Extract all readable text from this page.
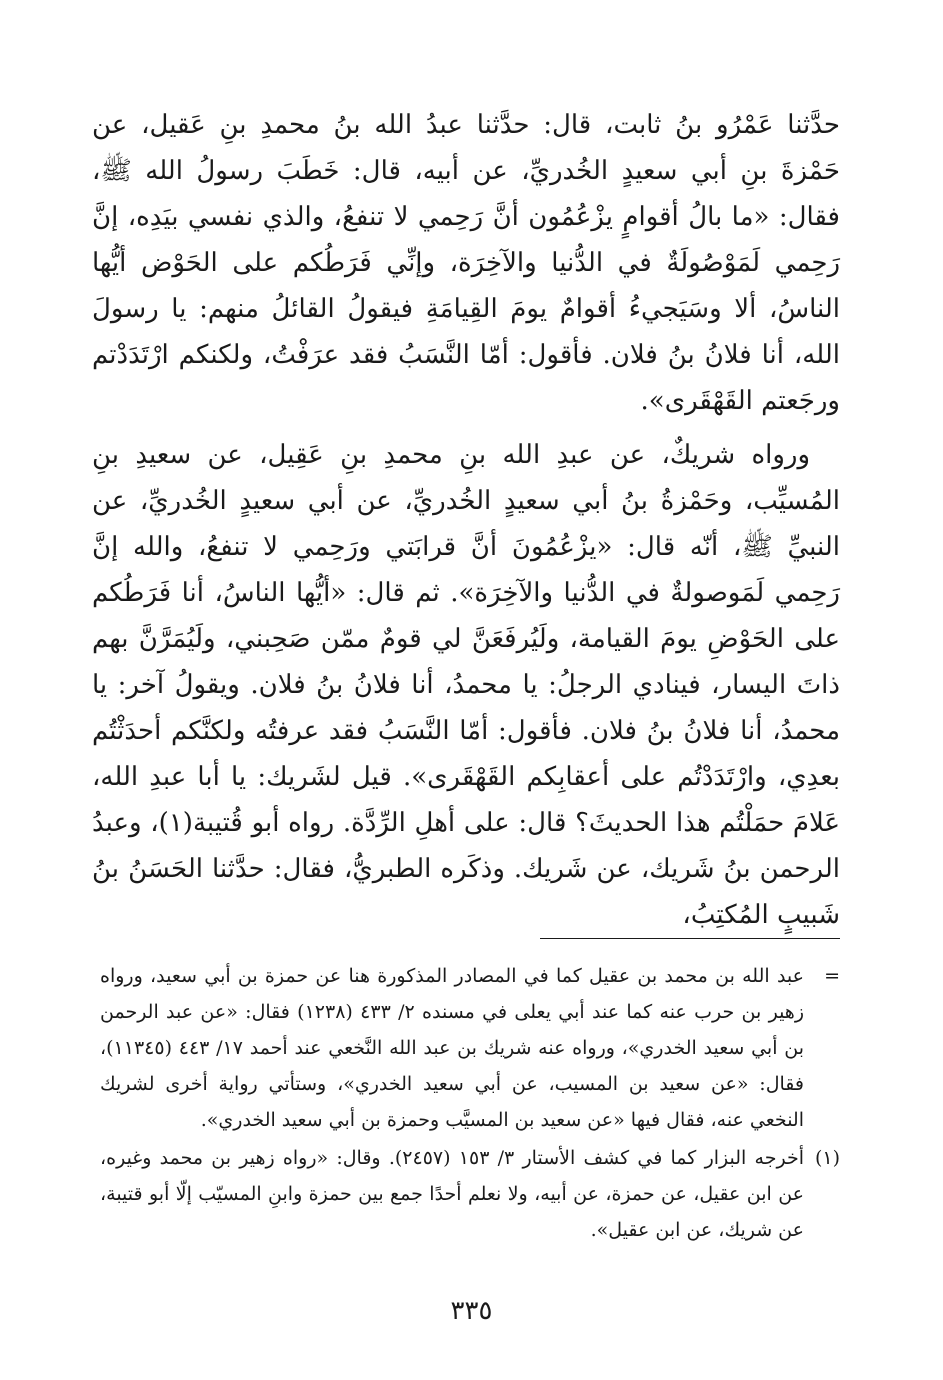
حدَّثنا عَمْرُو بنُ ثابت، قال: حدَّثنا عبدُ الله بنُ محمدِ بنِ عَقيل، عن حَمْزةَ بنِ أبي سعيدٍ الخُدريِّ، عن أبيه، قال: خَطَبَ رسولُ الله ﷺ، فقال: «ما بالُ أقوامٍ يزْعُمُون أنَّ رَحِمي لا تنفعُ، والذي نفسي بيَدِه، إنَّ رَحِمي لَمَوْصُولَةٌ في الدُّنيا والآخِرَة، وإنِّي فَرَطُكم على الحَوْض أيُّها الناسُ، ألا وسَيَجيءُ أقوامٌ يومَ القِيامَةِ فيقولُ القائلُ منهم: يا رسولَ الله، أنا فلانُ بنُ فلان. فأقول: أمّا النَّسَبُ فقد عرَفْتُ، ولكنكم ارْتَدَدْتم ورجَعتم القَهْقَرى».

ورواه شريكٌ، عن عبدِ الله بنِ محمدِ بنِ عَقِيل، عن سعيدِ بنِ المُسيِّب، وحَمْزةُ بنُ أبي سعيدٍ الخُدريِّ، عن أبي سعيدٍ الخُدريِّ، عن النبيِّ ﷺ، أنّه قال: «يزْعُمُونَ أنَّ قرابَتي ورَحِمي لا تنفعُ، والله إنَّ رَحِمي لَمَوصولةٌ في الدُّنيا والآخِرَة». ثم قال: «أيُّها الناسُ، أنا فَرَطُكم على الحَوْضِ يومَ القيامة، ولَيُرفَعَنَّ لي قومٌ ممّن صَحِبني، ولَيُمَرَّنَّ بهم ذاتَ اليسار، فينادي الرجلُ: يا محمدُ، أنا فلانُ بنُ فلان. ويقولُ آخر: يا محمدُ، أنا فلانُ بنُ فلان. فأقول: أمّا النَّسَبُ فقد عرفتُه ولكنَّكم أحدَثْتُم بعدِي، وارْتَدَدْتُم على أعقابِكم القَهْقَرى». قيل لشَريك: يا أبا عبدِ الله، عَلامَ حمَلْتُم هذا الحديثَ؟ قال: على أهلِ الرِّدَّة. رواه أبو قُتيبة(١)، وعبدُ الرحمن بنُ شَريك، عن شَريك. وذكَره الطبريُّ، فقال: حدَّثنا الحَسَنُ بنُ شَبيبٍ المُكتِبُ،

=
عبد الله بن محمد بن عقيل كما في المصادر المذكورة هنا عن حمزة بن أبي سعيد، ورواه زهير بن حرب عنه كما عند أبي يعلى في مسنده ٢/ ٤٣٣ (١٢٣٨) فقال: «عن عبد الرحمن بن أبي سعيد الخدري»، ورواه عنه شريك بن عبد الله النَّخعي عند أحمد ١٧/ ٤٤٣ (١١٣٤٥)، فقال: «عن سعيد بن المسيب، عن أبي سعيد الخدري»، وستأتي رواية أخرى لشريك النخعي عنه، فقال فيها «عن سعيد بن المسيَّب وحمزة بن أبي سعيد الخدري».
(١)
أخرجه البزار كما في كشف الأستار ٣/ ١٥٣ (٢٤٥٧). وقال: «رواه زهير بن محمد وغيره، عن ابن عقيل، عن حمزة، عن أبيه، ولا نعلم أحدًا جمع بين حمزة وابنِ المسيّب إلّا أبو قتيبة، عن شريك، عن ابن عقيل».
٣٣٥
